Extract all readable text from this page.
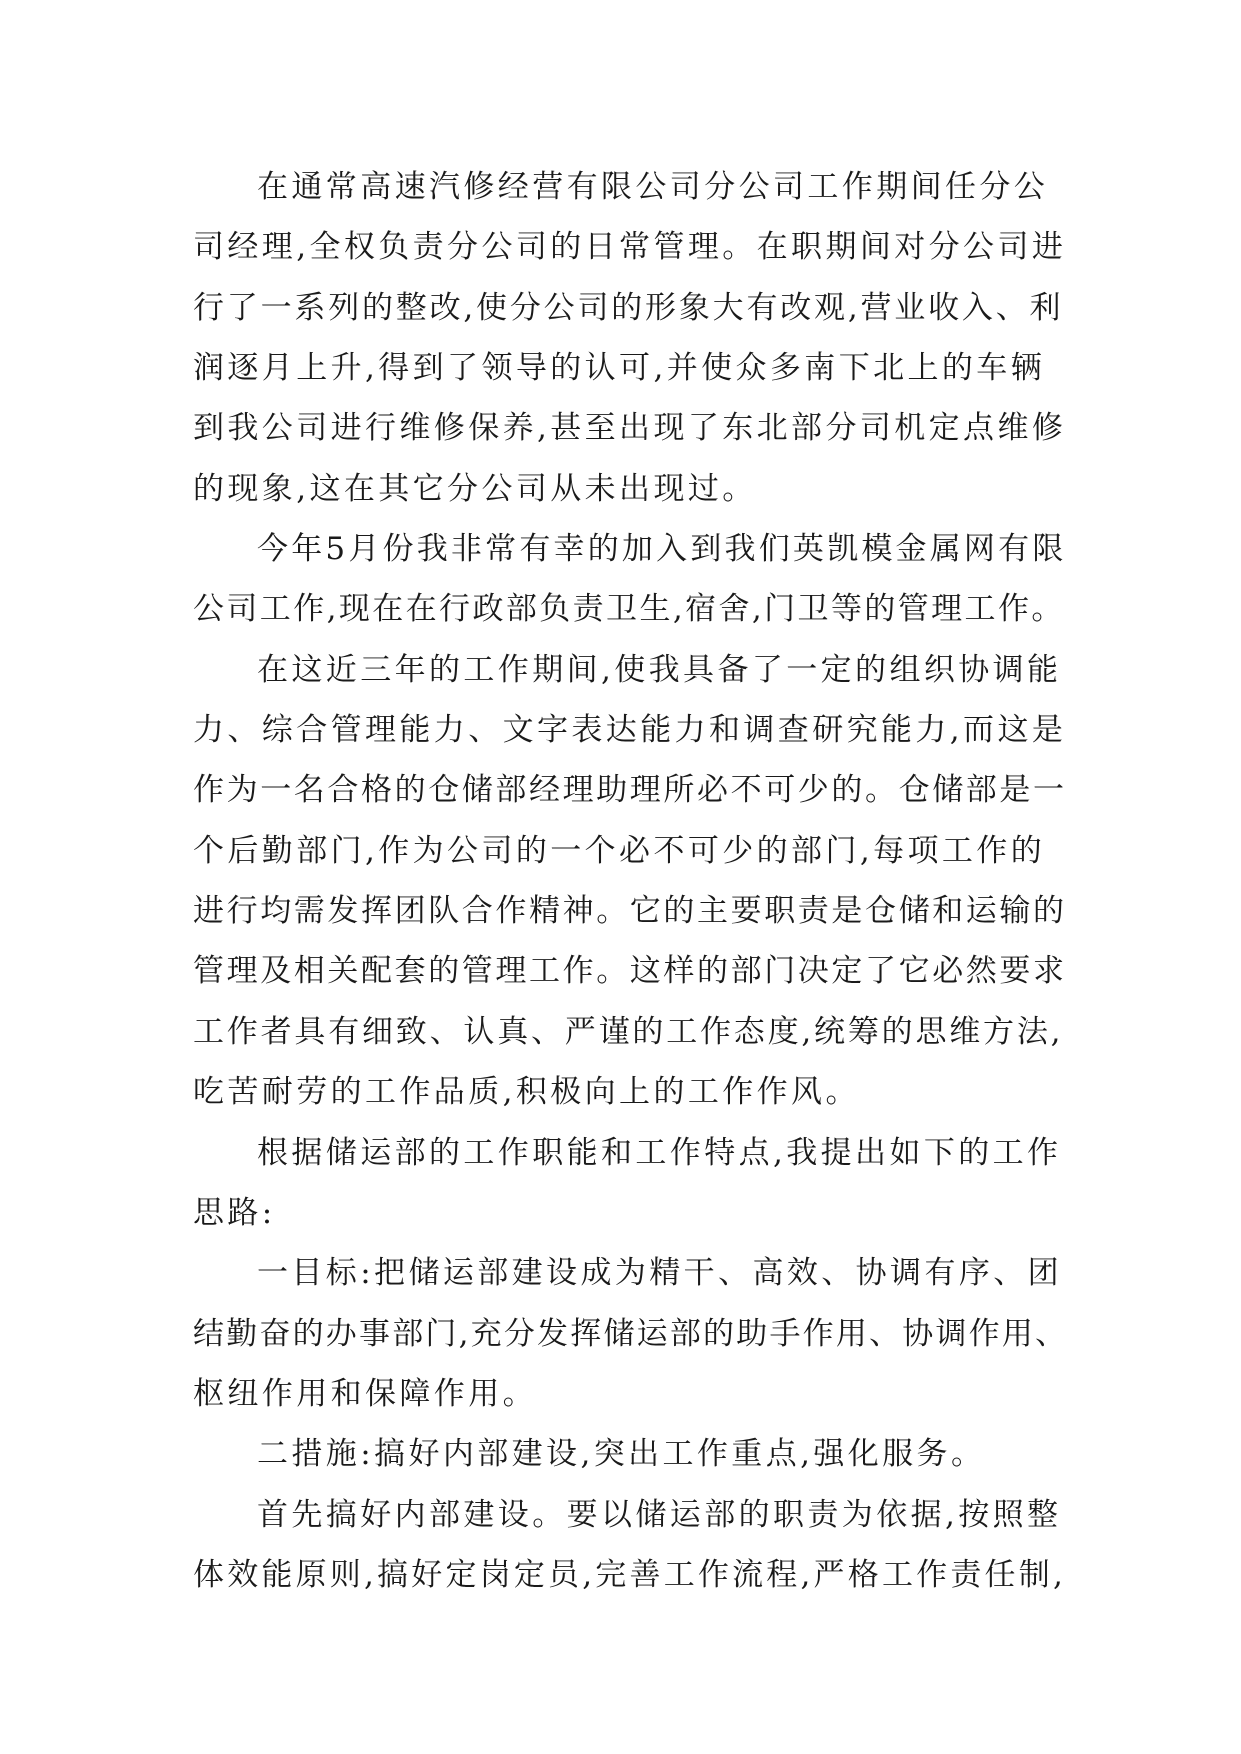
在通常高速汽修经营有限公司分公司工作期间任分公
司经理,全权负责分公司的日常管理。在职期间对分公司进
行了一系列的整改,使分公司的形象大有改观,营业收入、利
润逐月上升,得到了领导的认可,并使众多南下北上的车辆
到我公司进行维修保养,甚至出现了东北部分司机定点维修
的现象,这在其它分公司从未出现过。
今年5月份我非常有幸的加入到我们英凯模金属网有限
公司工作,现在在行政部负责卫生,宿舍,门卫等的管理工作。
在这近三年的工作期间,使我具备了一定的组织协调能
力、综合管理能力、文字表达能力和调查研究能力,而这是
作为一名合格的仓储部经理助理所必不可少的。仓储部是一
个后勤部门,作为公司的一个必不可少的部门,每项工作的
进行均需发挥团队合作精神。它的主要职责是仓储和运输的
管理及相关配套的管理工作。这样的部门决定了它必然要求
工作者具有细致、认真、严谨的工作态度,统筹的思维方法,
吃苦耐劳的工作品质,积极向上的工作作风。
根据储运部的工作职能和工作特点,我提出如下的工作
思路:
一目标:把储运部建设成为精干、高效、协调有序、团
结勤奋的办事部门,充分发挥储运部的助手作用、协调作用、
枢纽作用和保障作用。
二措施:搞好内部建设,突出工作重点,强化服务。
首先搞好内部建设。要以储运部的职责为依据,按照整
体效能原则,搞好定岗定员,完善工作流程,严格工作责任制,
